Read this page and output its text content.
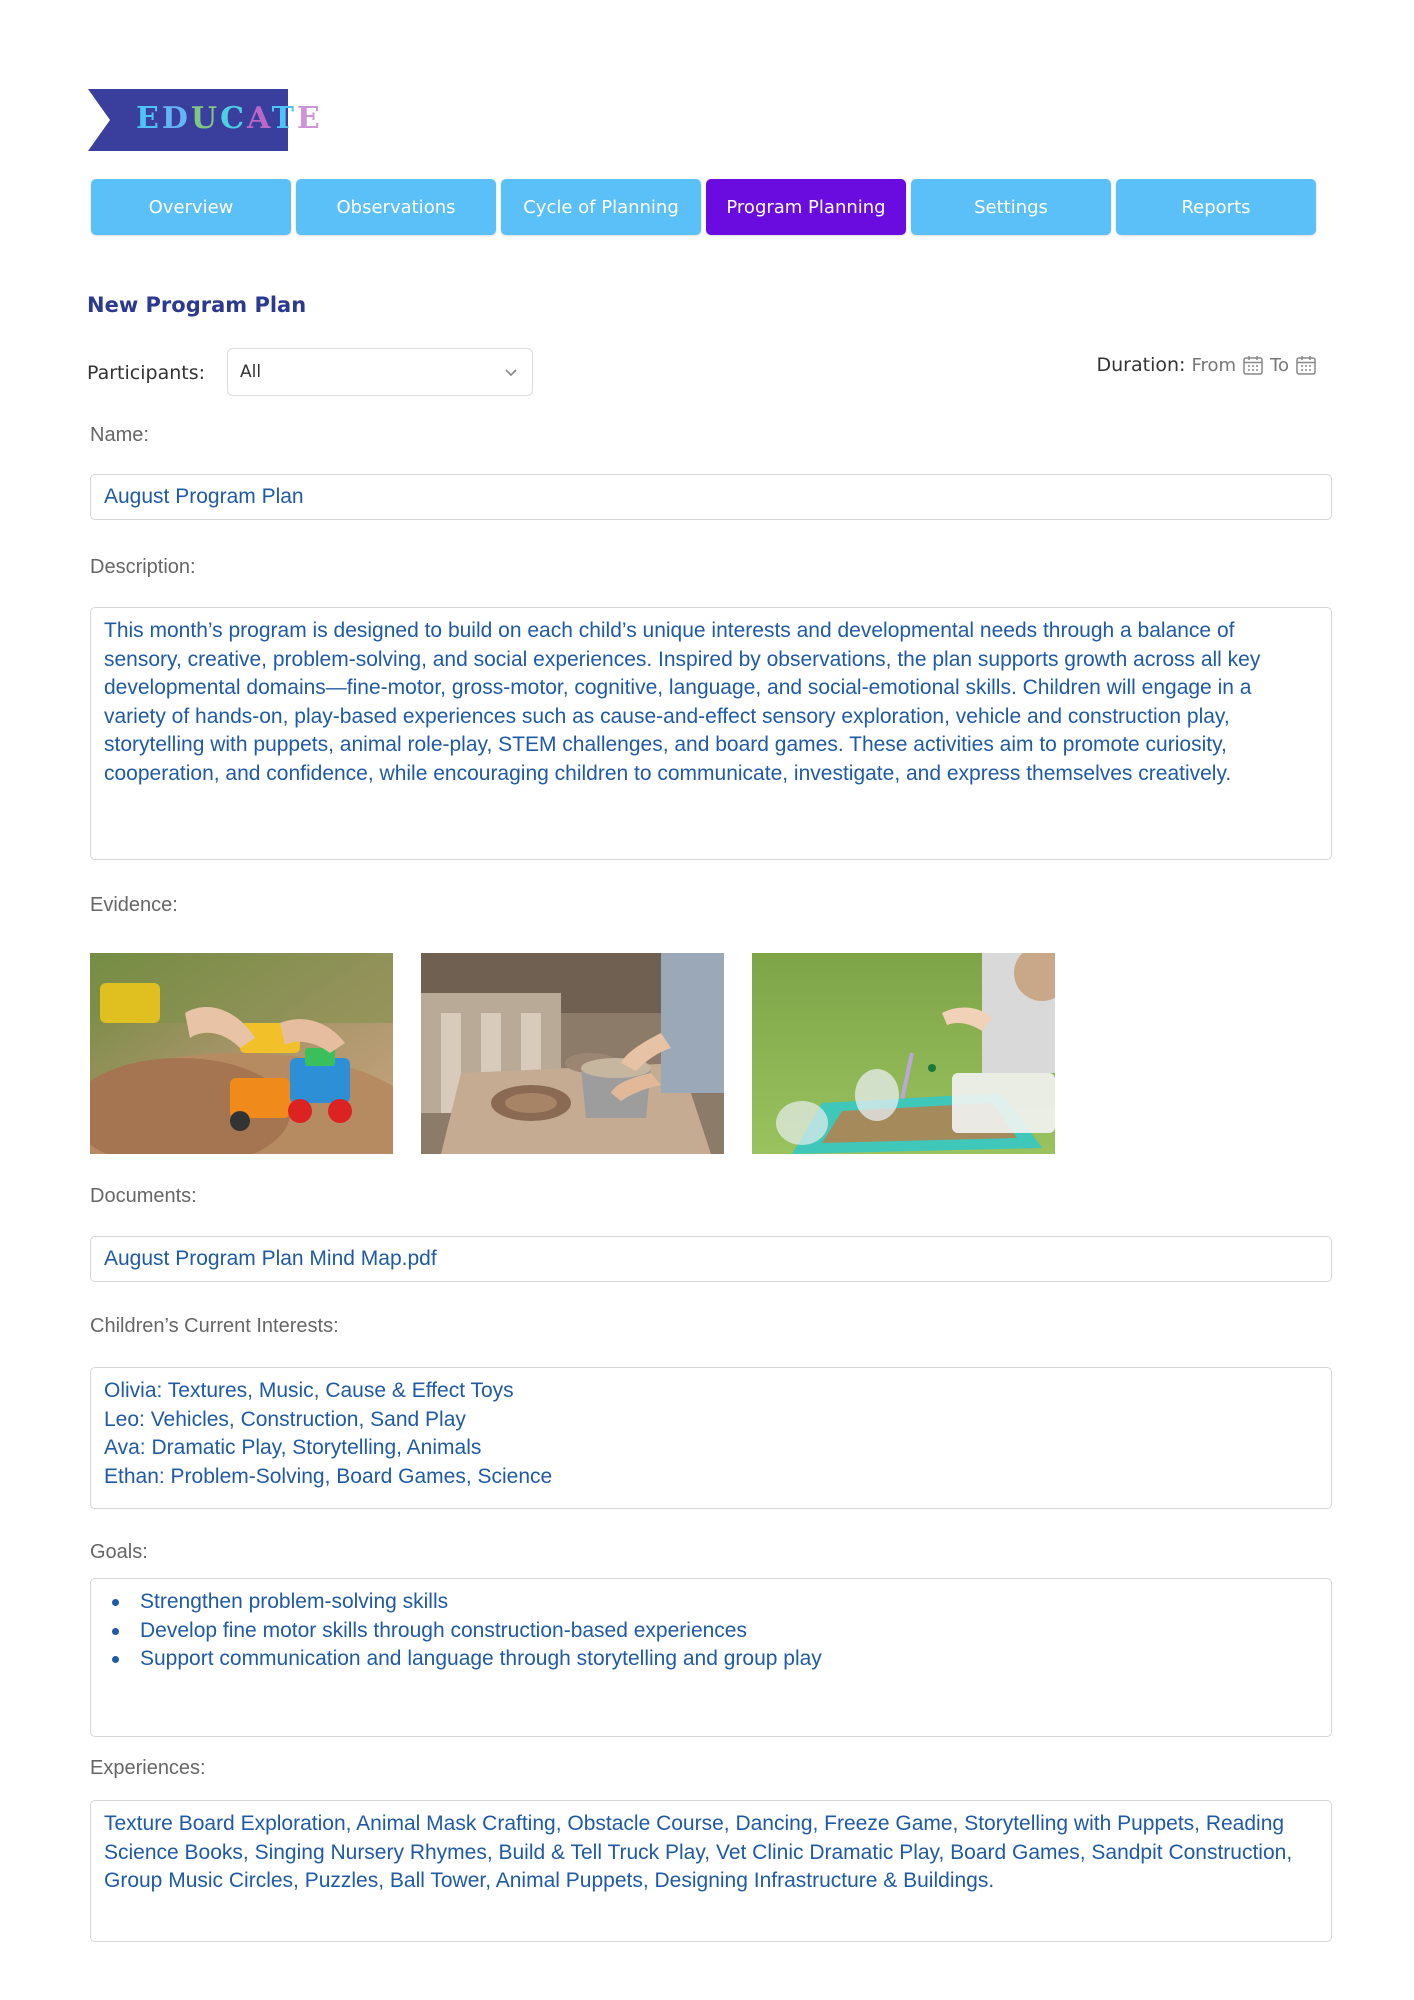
EDUCATE
Overview	Observations	Cycle of Planning	Program Planning	Settings	Reports
New Program Plan
Participants: All	Duration: From To
Name:
August Program Plan
Description:
This month’s program is designed to build on each child’s unique interests and developmental needs through a balance of sensory, creative, problem-solving, and social experiences. Inspired by observations, the plan supports growth across all key developmental domains—fine-motor, gross-motor, cognitive, language, and social-emotional skills. Children will engage in a variety of hands-on, play-based experiences such as cause-and-effect sensory exploration, vehicle and construction play, storytelling with puppets, animal role-play, STEM challenges, and board games. These activities aim to promote curiosity, cooperation, and confidence, while encouraging children to communicate, investigate, and express themselves creatively.
Evidence:
Documents:
August Program Plan Mind Map.pdf
Children’s Current Interests:
Olivia: Textures, Music, Cause & Effect Toys
Leo: Vehicles, Construction, Sand Play
Ava: Dramatic Play, Storytelling, Animals
Ethan: Problem-Solving, Board Games, Science
Goals:
Strengthen problem-solving skills
Develop fine motor skills through construction-based experiences
Support communication and language through storytelling and group play
Experiences:
Texture Board Exploration, Animal Mask Crafting, Obstacle Course, Dancing, Freeze Game, Storytelling with Puppets, Reading Science Books, Singing Nursery Rhymes, Build & Tell Truck Play, Vet Clinic Dramatic Play, Board Games, Sandpit Construction, Group Music Circles, Puzzles, Ball Tower, Animal Puppets, Designing Infrastructure & Buildings.
